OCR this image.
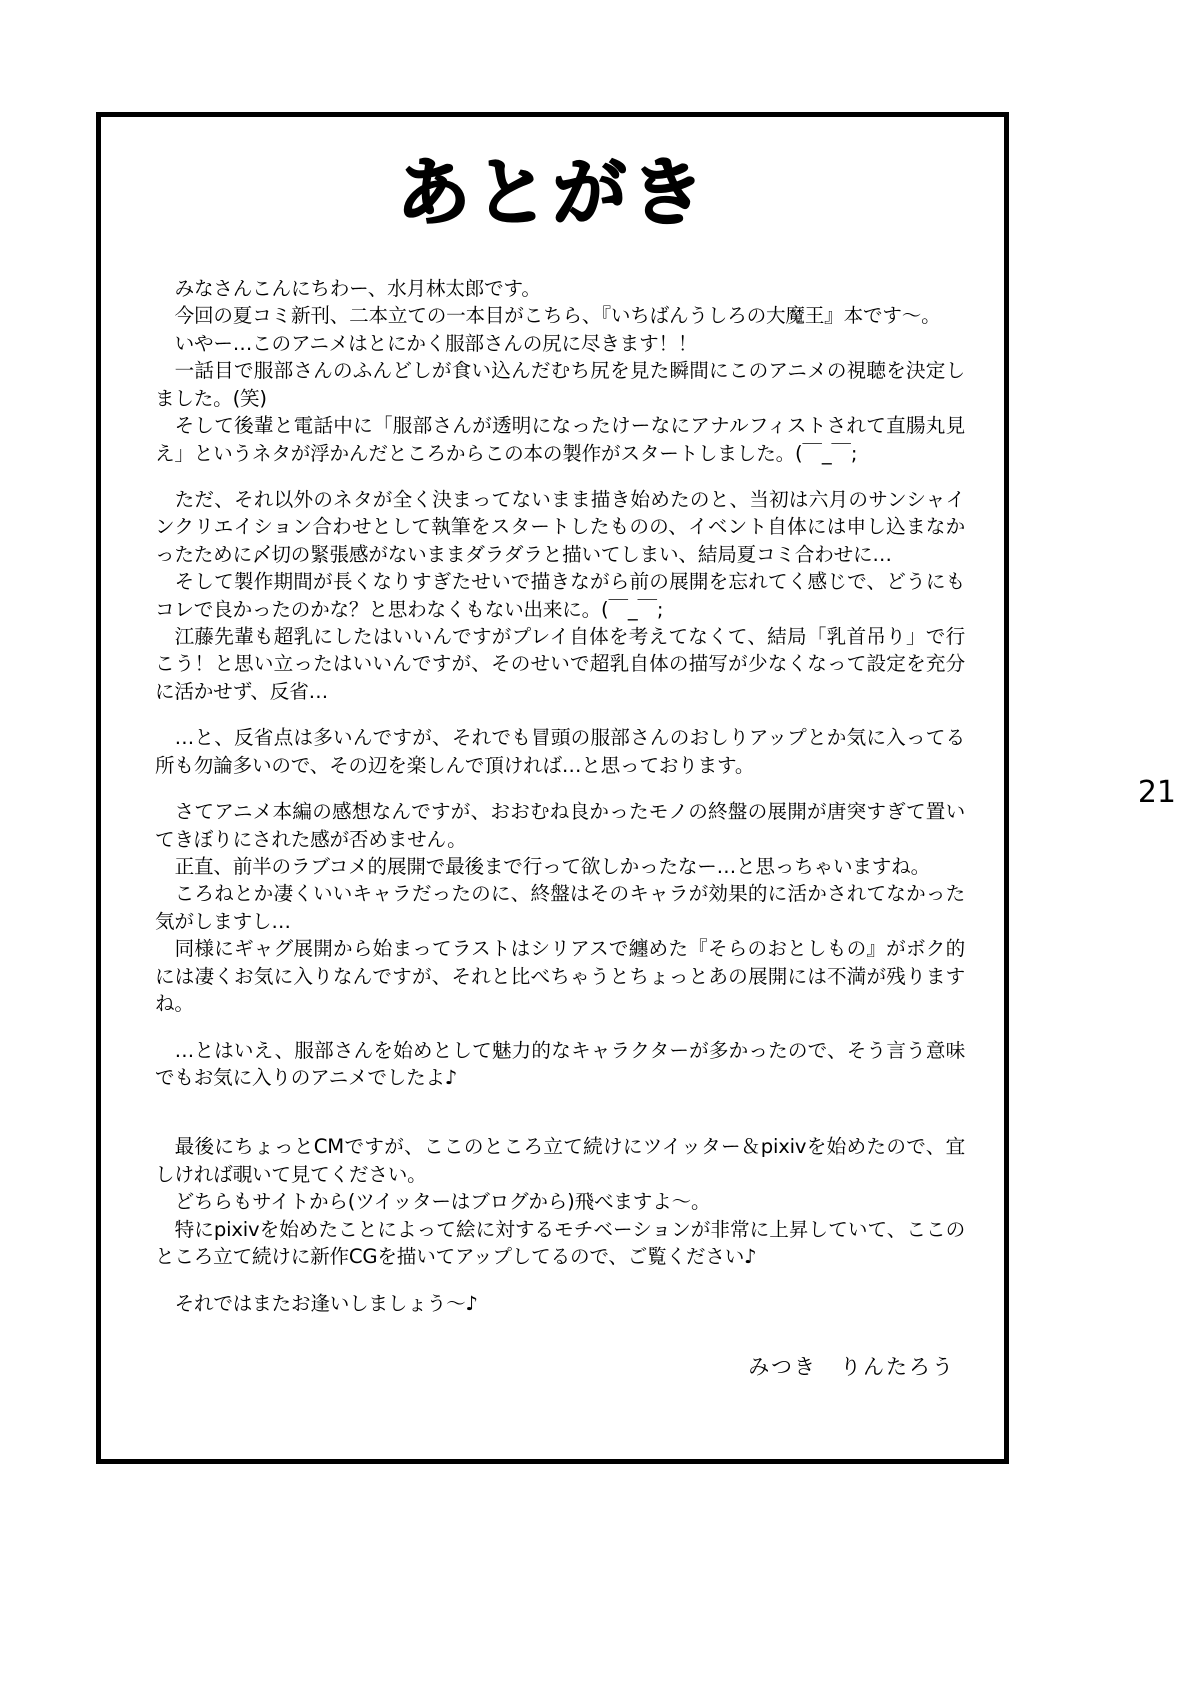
あとがき

みなさんこんにちわー、水月林太郎です。

今回の夏コミ新刊、二本立ての一本目がこちら、『いちばんうしろの大魔王』本です〜。

いやー…このアニメはとにかく服部さんの尻に尽きます！！

一話目で服部さんのふんどしが食い込んだむち尻を見た瞬間にこのアニメの視聴を決定しました。(笑)

そして後輩と電話中に「服部さんが透明になったけーなにアナルフィストされて直腸丸見え」というネタが浮かんだところからこの本の製作がスタートしました。(￣_￣;

ただ、それ以外のネタが全く決まってないまま描き始めたのと、当初は六月のサンシャインクリエイション合わせとして執筆をスタートしたものの、イベント自体には申し込まなかったために〆切の緊張感がないままダラダラと描いてしまい、結局夏コミ合わせに…

そして製作期間が長くなりすぎたせいで描きながら前の展開を忘れてく感じで、どうにもコレで良かったのかな？と思わなくもない出来に。(￣_￣;

江藤先輩も超乳にしたはいいんですがプレイ自体を考えてなくて、結局「乳首吊り」で行こう！と思い立ったはいいんですが、そのせいで超乳自体の描写が少なくなって設定を充分に活かせず、反省…

…と、反省点は多いんですが、それでも冒頭の服部さんのおしりアップとか気に入ってる所も勿論多いので、その辺を楽しんで頂ければ…と思っております。

さてアニメ本編の感想なんですが、おおむね良かったモノの終盤の展開が唐突すぎて置いてきぼりにされた感が否めません。

正直、前半のラブコメ的展開で最後まで行って欲しかったなー…と思っちゃいますね。

ころねとか凄くいいキャラだったのに、終盤はそのキャラが効果的に活かされてなかった気がしますし…

同様にギャグ展開から始まってラストはシリアスで纏めた『そらのおとしもの』がボク的には凄くお気に入りなんですが、それと比べちゃうとちょっとあの展開には不満が残りますね。

…とはいえ、服部さんを始めとして魅力的なキャラクターが多かったので、そう言う意味でもお気に入りのアニメでしたよ♪

最後にちょっとCMですが、ここのところ立て続けにツイッター＆pixivを始めたので、宜しければ覗いて見てください。

どちらもサイトから(ツイッターはブログから)飛べますよ〜。

特にpixivを始めたことによって絵に対するモチベーションが非常に上昇していて、ここのところ立て続けに新作CGを描いてアップしてるので、ご覧ください♪

それではまたお逢いしましょう〜♪

みつき　りんたろう

21
